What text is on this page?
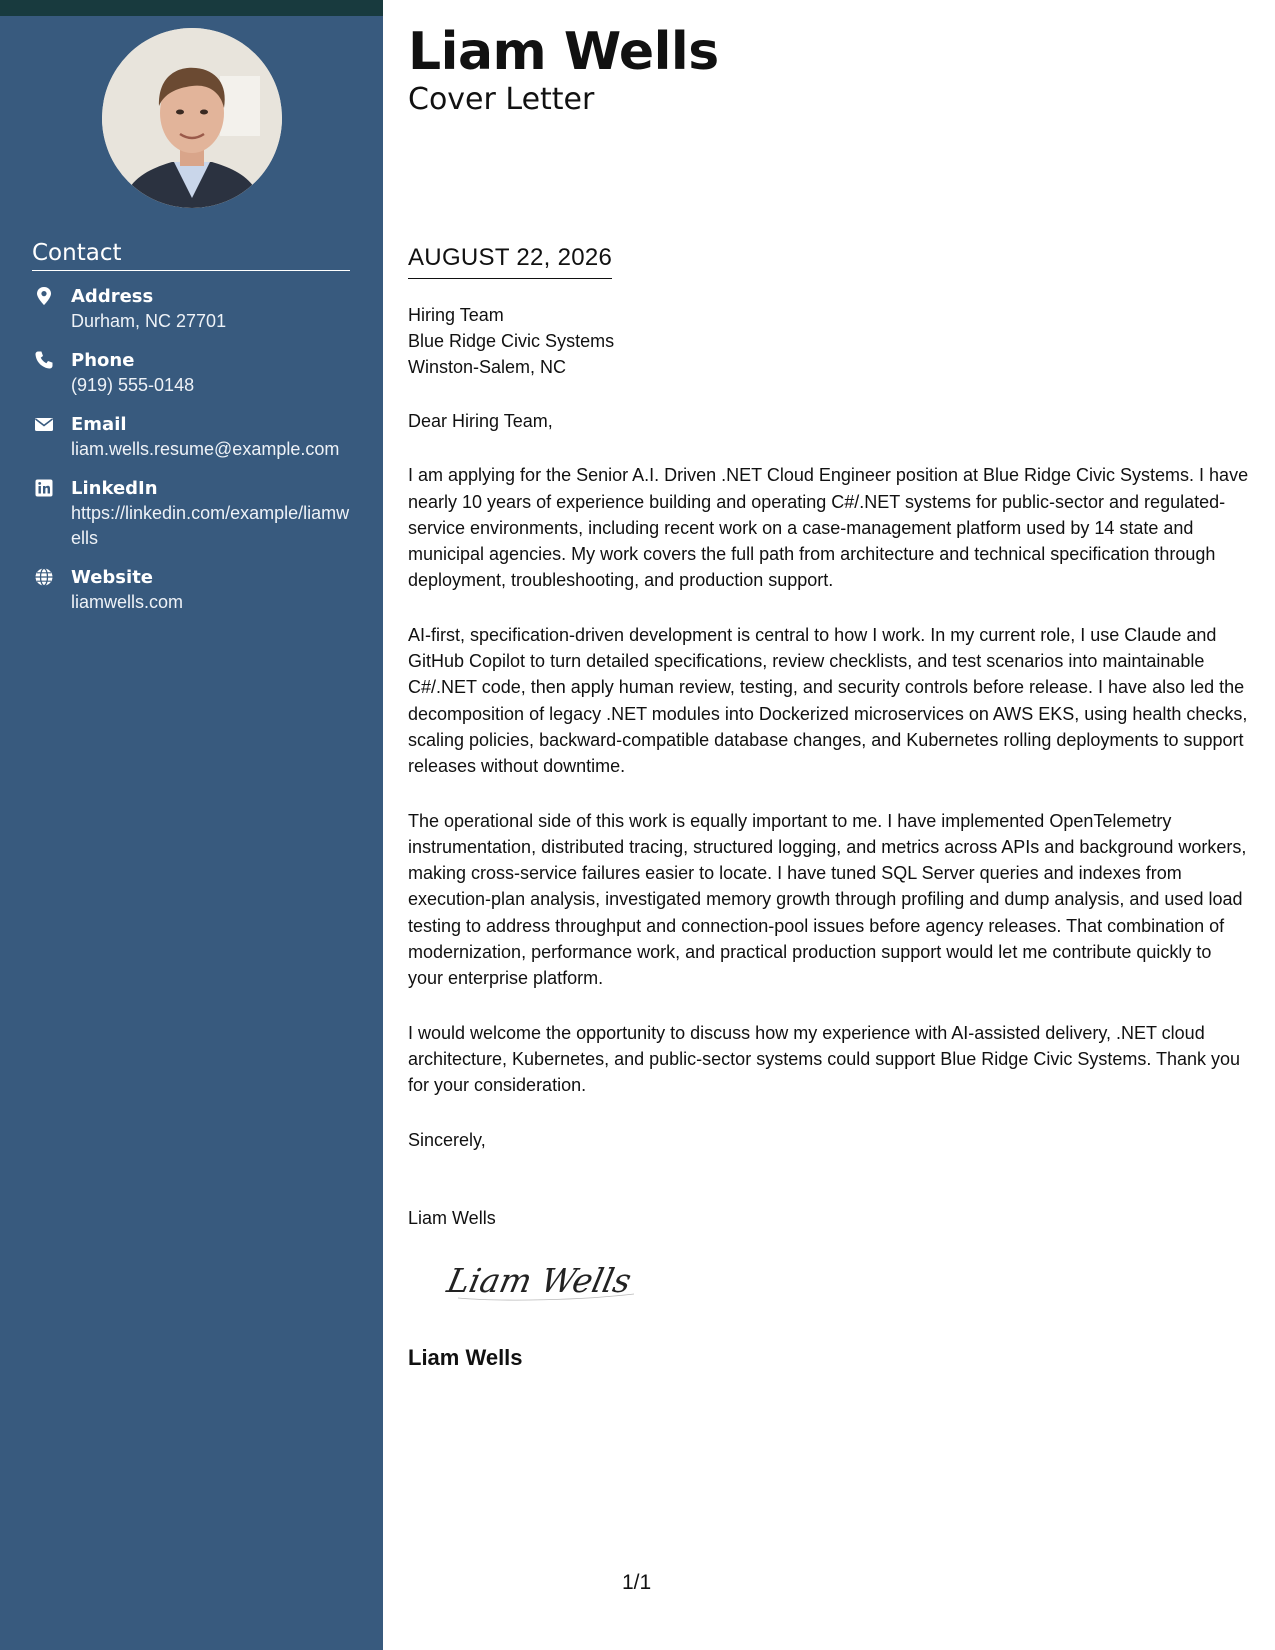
Contact
Address
Durham, NC 27701
Phone
(919) 555-0148
Email
liam.wells.resume@example.com
LinkedIn
https://linkedin.com/example/liamwells
Website
liamwells.com
Liam Wells
Cover Letter
AUGUST 22, 2026
Hiring Team
Blue Ridge Civic Systems
Winston-Salem, NC
Dear Hiring Team,

I am applying for the Senior A.I. Driven .NET Cloud Engineer position at Blue Ridge Civic Systems. I have nearly 10 years of experience building and operating C#/.NET systems for public-sector and regulated-service environments, including recent work on a case-management platform used by 14 state and municipal agencies. My work covers the full path from architecture and technical specification through deployment, troubleshooting, and production support.

AI-first, specification-driven development is central to how I work. In my current role, I use Claude and GitHub Copilot to turn detailed specifications, review checklists, and test scenarios into maintainable C#/.NET code, then apply human review, testing, and security controls before release. I have also led the decomposition of legacy .NET modules into Dockerized microservices on AWS EKS, using health checks, scaling policies, backward-compatible database changes, and Kubernetes rolling deployments to support releases without downtime.

The operational side of this work is equally important to me. I have implemented OpenTelemetry instrumentation, distributed tracing, structured logging, and metrics across APIs and background workers, making cross-service failures easier to locate. I have tuned SQL Server queries and indexes from execution-plan analysis, investigated memory growth through profiling and dump analysis, and used load testing to address throughput and connection-pool issues before agency releases. That combination of modernization, performance work, and practical production support would let me contribute quickly to your enterprise platform.

I would welcome the opportunity to discuss how my experience with AI-assisted delivery, .NET cloud architecture, Kubernetes, and public-sector systems could support Blue Ridge Civic Systems. Thank you for your consideration.

Sincerely,
Liam Wells
Liam Wells
Liam Wells
1/1
